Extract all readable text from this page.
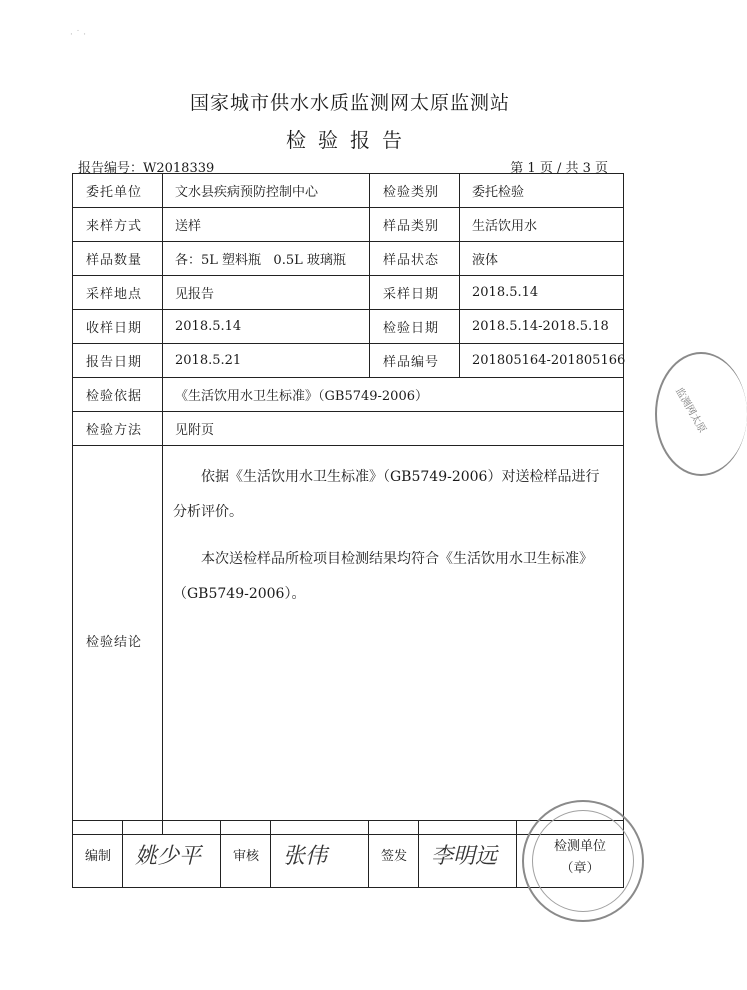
· ˙ ·
国家城市供水水质监测网太原监测站
检验报告
报告编号：W2018339	第 1 页 / 共 3 页
委托单位	文水县疾病预防控制中心	检验类别	委托检验
来样方式	送样	样品类别	生活饮用水
样品数量	各：5L 塑料瓶   0.5L 玻璃瓶	样品状态	液体
采样地点	见报告	采样日期	2018.5.14
收样日期	2018.5.14	检验日期	2018.5.14-2018.5.18
报告日期	2018.5.21	样品编号	201805164-201805166
检验依据	《生活饮用水卫生标准》（GB5749-2006）		
检验方法	见附页		
检验结论	依据《生活饮用水卫生标准》（GB5749-2006）对送检样品进行分析评价。

本次送检样品所检项目检测结果均符合《生活饮用水卫生标准》（GB5749-2006）。		

编制	姚少平	审核	张伟	签发	李明远		检测单位
（章）
监测网太原
